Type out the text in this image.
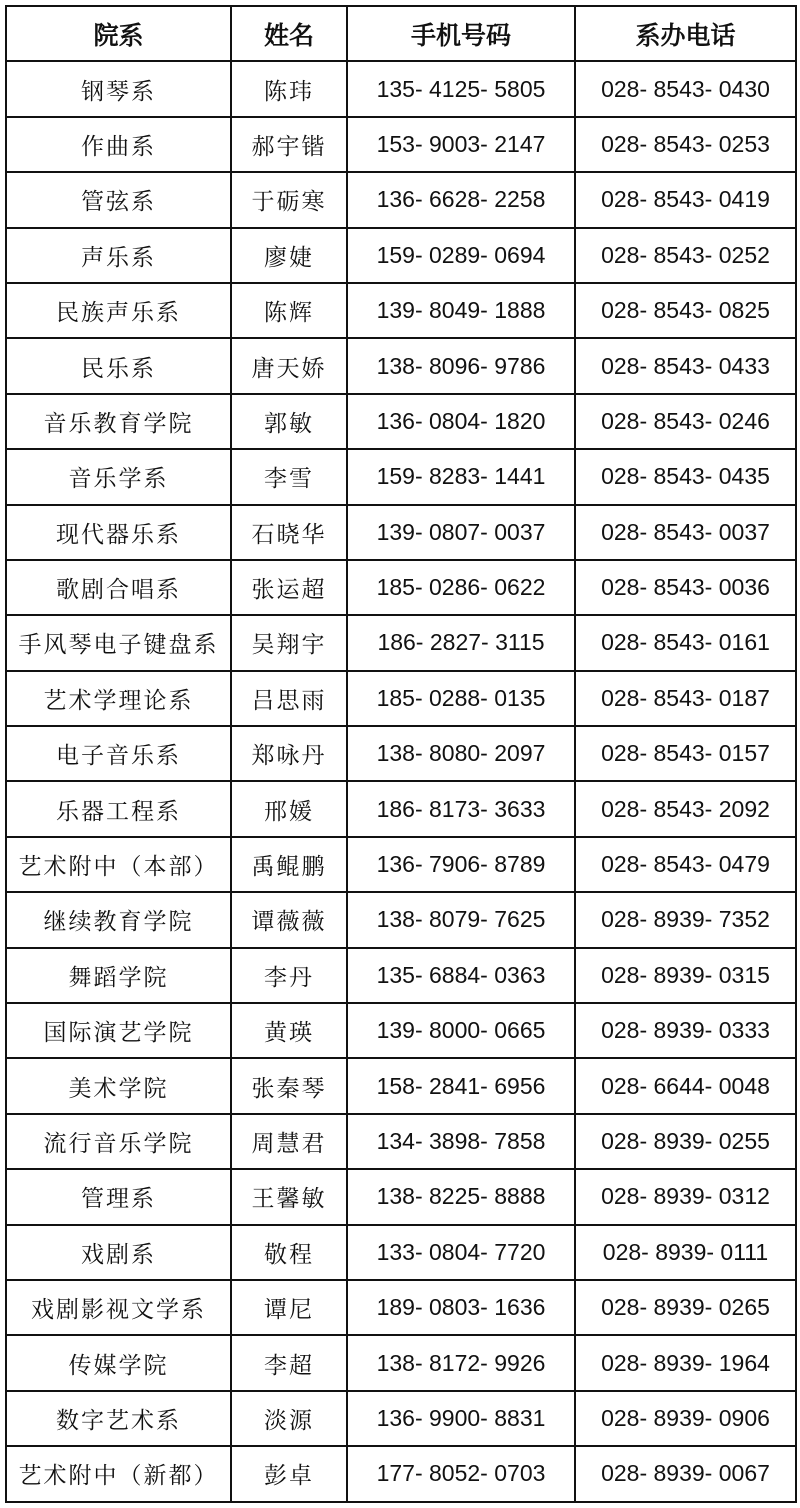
院系	姓名	手机号码	系办电话
钢琴系	陈玮	135- 4125- 5805	028- 8543- 0430
作曲系	郝宇锴	153- 9003- 2147	028- 8543- 0253
管弦系	于砺寒	136- 6628- 2258	028- 8543- 0419
声乐系	廖婕	159- 0289- 0694	028- 8543- 0252
民族声乐系	陈辉	139- 8049- 1888	028- 8543- 0825
民乐系	唐天娇	138- 8096- 9786	028- 8543- 0433
音乐教育学院	郭敏	136- 0804- 1820	028- 8543- 0246
音乐学系	李雪	159- 8283- 1441	028- 8543- 0435
现代器乐系	石晓华	139- 0807- 0037	028- 8543- 0037
歌剧合唱系	张运超	185- 0286- 0622	028- 8543- 0036
手风琴电子键盘系	吴翔宇	186- 2827- 3115	028- 8543- 0161
艺术学理论系	吕思雨	185- 0288- 0135	028- 8543- 0187
电子音乐系	郑咏丹	138- 8080- 2097	028- 8543- 0157
乐器工程系	邢媛	186- 8173- 3633	028- 8543- 2092
艺术附中（本部）	禹鲲鹏	136- 7906- 8789	028- 8543- 0479
继续教育学院	谭薇薇	138- 8079- 7625	028- 8939- 7352
舞蹈学院	李丹	135- 6884- 0363	028- 8939- 0315
国际演艺学院	黄瑛	139- 8000- 0665	028- 8939- 0333
美术学院	张秦琴	158- 2841- 6956	028- 6644- 0048
流行音乐学院	周慧君	134- 3898- 7858	028- 8939- 0255
管理系	王馨敏	138- 8225- 8888	028- 8939- 0312
戏剧系	敬程	133- 0804- 7720	028- 8939- 0111
戏剧影视文学系	谭尼	189- 0803- 1636	028- 8939- 0265
传媒学院	李超	138- 8172- 9926	028- 8939- 1964
数字艺术系	淡源	136- 9900- 8831	028- 8939- 0906
艺术附中（新都）	彭卓	177- 8052- 0703	028- 8939- 0067
